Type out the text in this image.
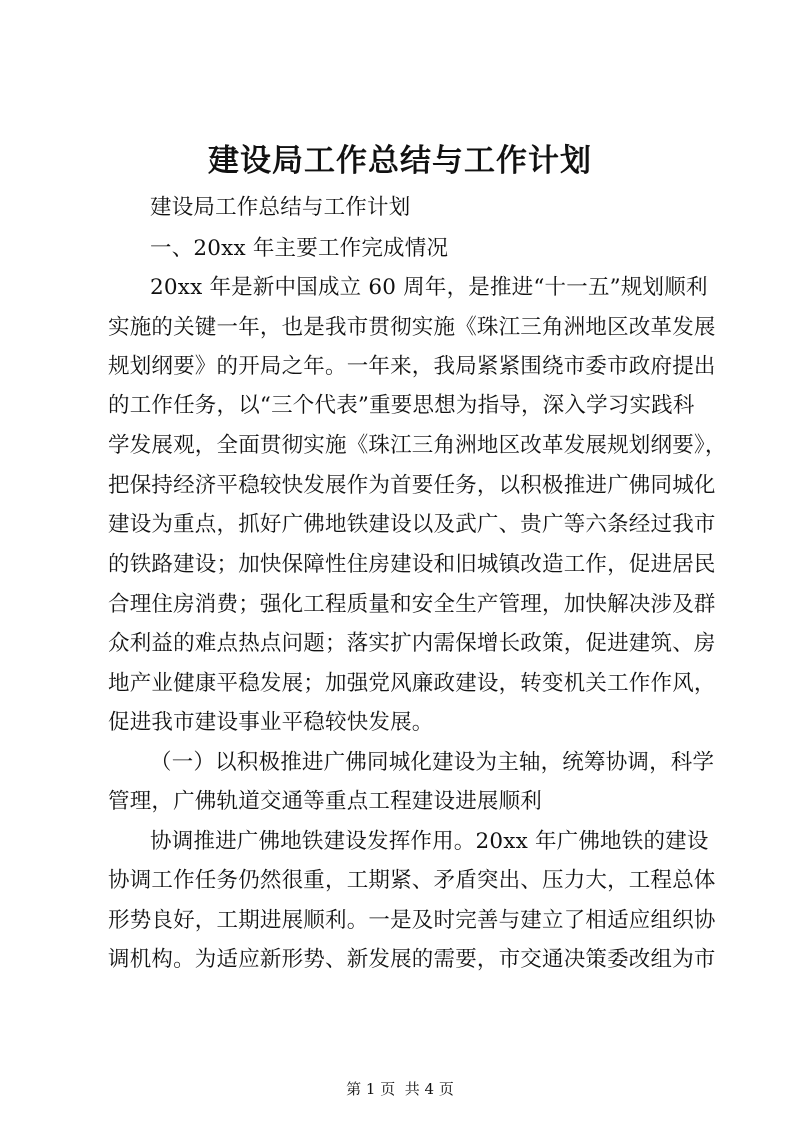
建设局工作总结与工作计划
建设局工作总结与工作计划
一、20xx 年主要工作完成情况
20xx 年是新中国成立 60 周年，是推进“十一五”规划顺利
实施的关键一年，也是我市贯彻实施《珠江三角洲地区改革发展
规划纲要》的开局之年。一年来，我局紧紧围绕市委市政府提出
的工作任务，以“三个代表”重要思想为指导，深入学习实践科
学发展观，全面贯彻实施《珠江三角洲地区改革发展规划纲要》，
把保持经济平稳较快发展作为首要任务，以积极推进广佛同城化
建设为重点，抓好广佛地铁建设以及武广、贵广等六条经过我市
的铁路建设；加快保障性住房建设和旧城镇改造工作，促进居民
合理住房消费；强化工程质量和安全生产管理，加快解决涉及群
众利益的难点热点问题；落实扩内需保增长政策，促进建筑、房
地产业健康平稳发展；加强党风廉政建设，转变机关工作作风，
促进我市建设事业平稳较快发展。
（一）以积极推进广佛同城化建设为主轴，统筹协调，科学
管理，广佛轨道交通等重点工程建设进展顺利
协调推进广佛地铁建设发挥作用。20xx 年广佛地铁的建设
协调工作任务仍然很重，工期紧、矛盾突出、压力大，工程总体
形势良好，工期进展顺利。一是及时完善与建立了相适应组织协
调机构。为适应新形势、新发展的需要，市交通决策委改组为市
第 1 页  共 4 页
